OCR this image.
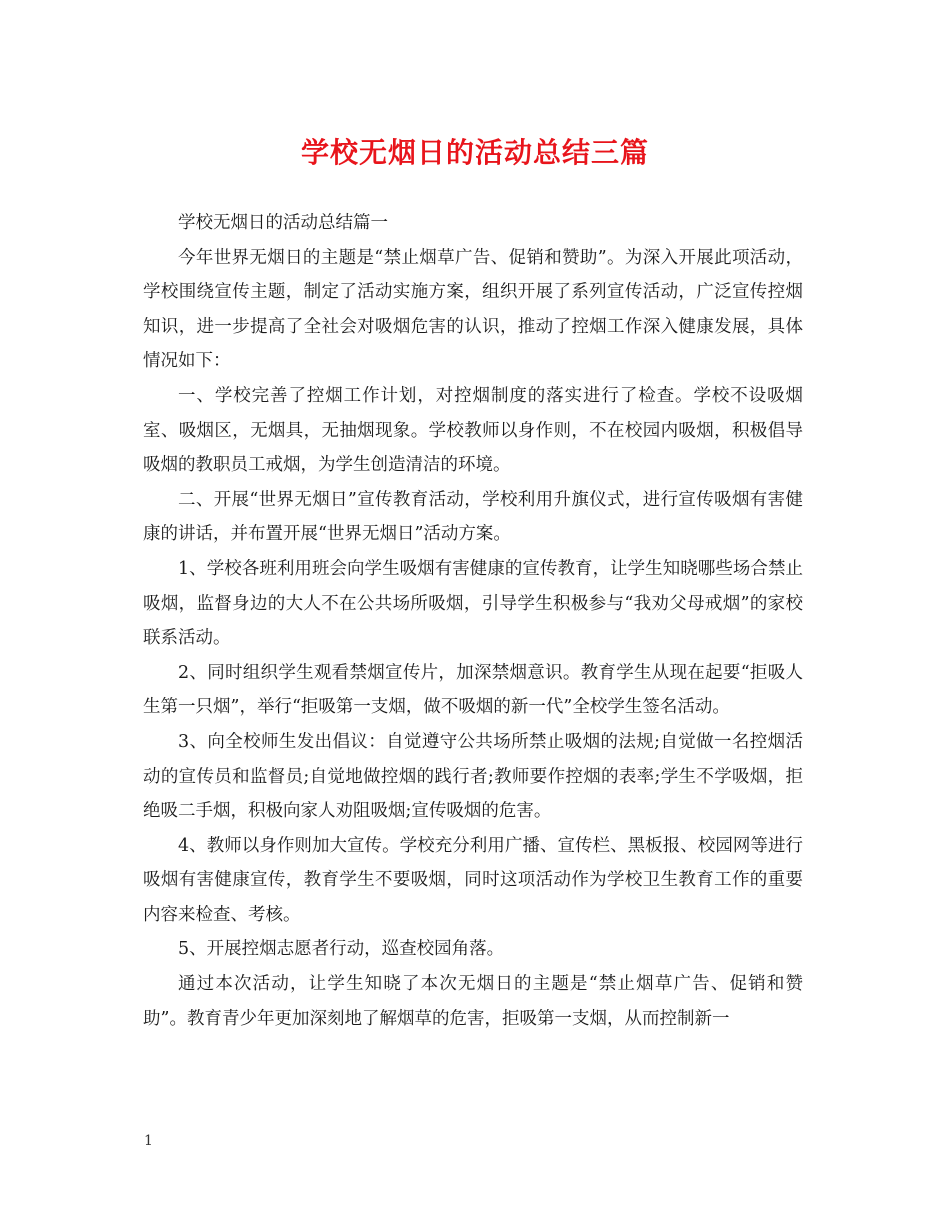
学校无烟日的活动总结三篇

学校无烟日的活动总结篇一

今年世界无烟日的主题是“禁止烟草广告、促销和赞助”。为深入开展此项活动，学校围绕宣传主题，制定了活动实施方案，组织开展了系列宣传活动，广泛宣传控烟知识，进一步提高了全社会对吸烟危害的认识，推动了控烟工作深入健康发展，具体情况如下：

一、学校完善了控烟工作计划，对控烟制度的落实进行了检查。学校不设吸烟室、吸烟区，无烟具，无抽烟现象。学校教师以身作则，不在校园内吸烟，积极倡导吸烟的教职员工戒烟，为学生创造清洁的环境。

二、开展“世界无烟日”宣传教育活动，学校利用升旗仪式，进行宣传吸烟有害健康的讲话，并布置开展“世界无烟日”活动方案。

1、学校各班利用班会向学生吸烟有害健康的宣传教育，让学生知晓哪些场合禁止吸烟，监督身边的大人不在公共场所吸烟，引导学生积极参与“我劝父母戒烟”的家校联系活动。

2、同时组织学生观看禁烟宣传片，加深禁烟意识。教育学生从现在起要“拒吸人生第一只烟”，举行“拒吸第一支烟，做不吸烟的新一代”全校学生签名活动。

3、向全校师生发出倡议：自觉遵守公共场所禁止吸烟的法规;自觉做一名控烟活动的宣传员和监督员;自觉地做控烟的践行者;教师要作控烟的表率;学生不学吸烟，拒绝吸二手烟，积极向家人劝阻吸烟;宣传吸烟的危害。

4、教师以身作则加大宣传。学校充分利用广播、宣传栏、黑板报、校园网等进行吸烟有害健康宣传，教育学生不要吸烟，同时这项活动作为学校卫生教育工作的重要内容来检查、考核。

5、开展控烟志愿者行动，巡查校园角落。

通过本次活动，让学生知晓了本次无烟日的主题是“禁止烟草广告、促销和赞助”。教育青少年更加深刻地了解烟草的危害，拒吸第一支烟，从而控制新一

1
